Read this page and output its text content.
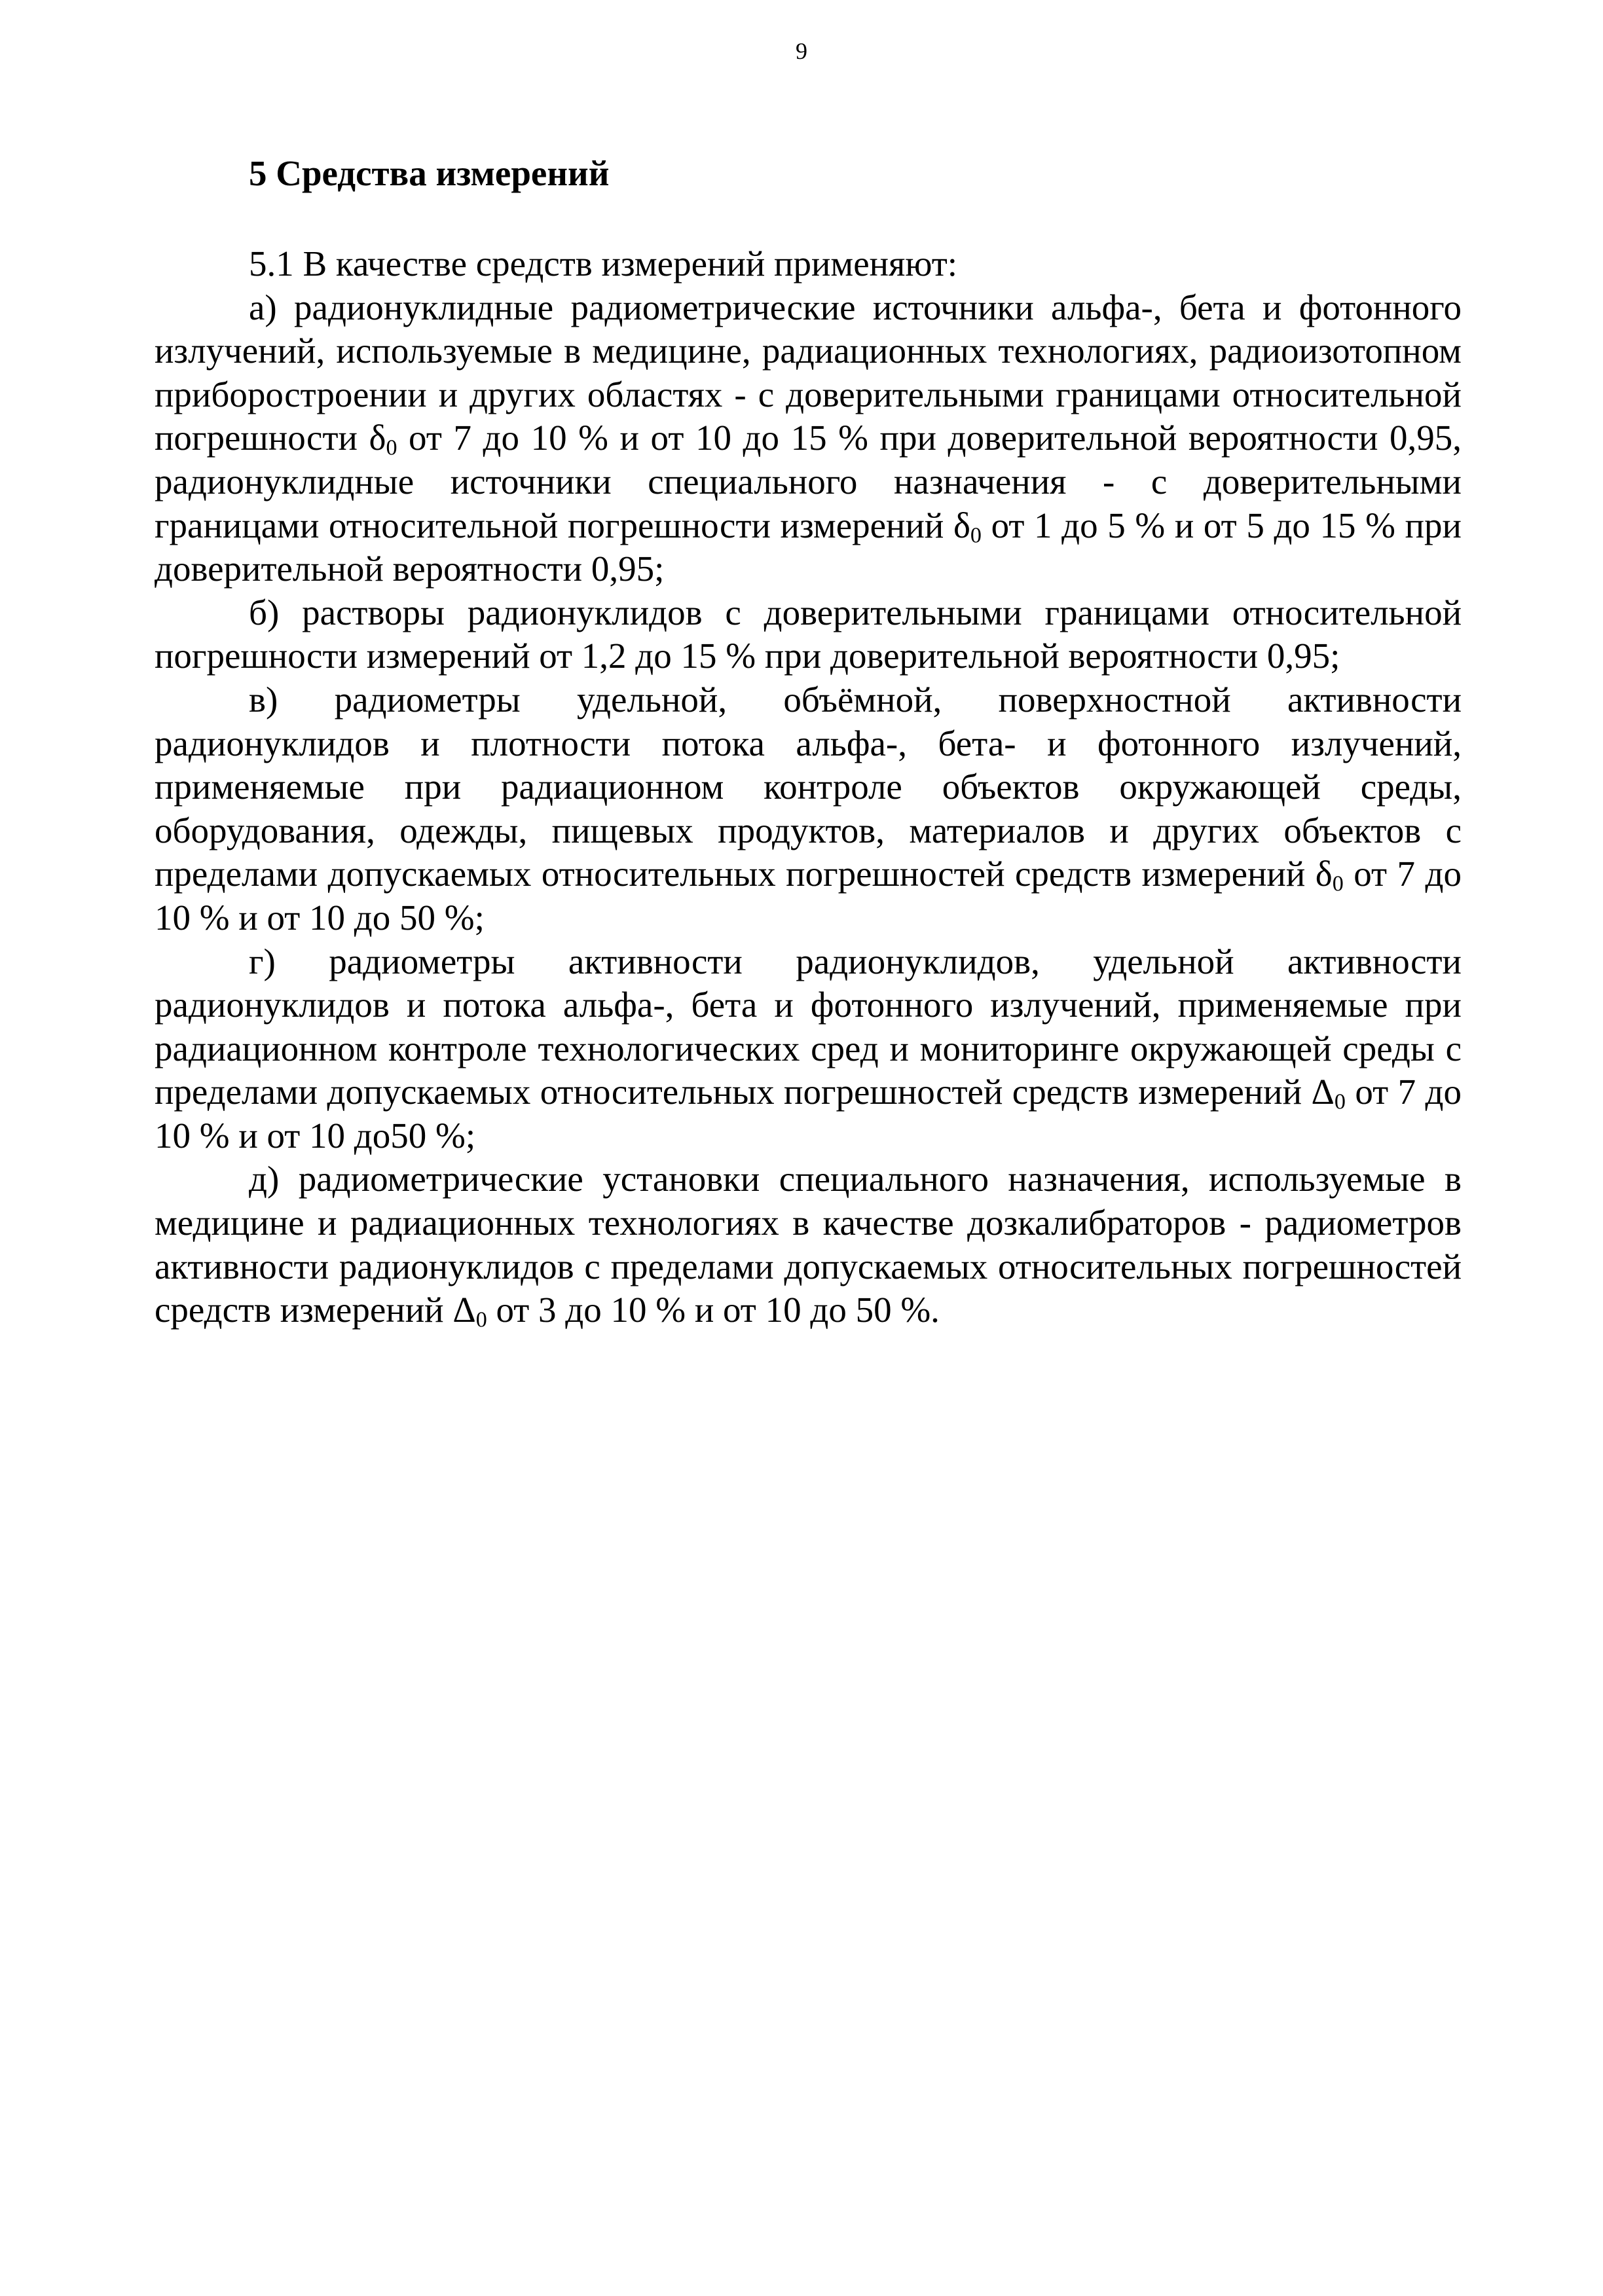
9
5 Средства измерений

5.1 В качестве средств измерений применяют:

а) радионуклидные радиометрические источники альфа-, бета и фотонного излучений, используемые в медицине, радиационных технологиях, радиоизотопном приборостроении и других областях - с доверительными границами относительной погрешности $\delta_0$ от 7 до 10 % и от 10 до 15 % при доверительной вероятности 0,95, радионуклидные источники специального назначения - с доверительными границами относительной погрешности измерений $\delta_0$ от 1 до 5 % и от 5 до 15 % при доверительной вероятности 0,95;

б) растворы радионуклидов с доверительными границами относительной погрешности измерений от 1,2 до 15 % при доверительной вероятности 0,95;

в) радиометры удельной, объёмной, поверхностной активности радионуклидов и плотности потока альфа-, бета- и фотонного излучений, применяемые при радиационном контроле объектов окружающей среды, оборудования, одежды, пищевых продуктов, материалов и других объектов с пределами допускаемых относительных погрешностей средств измерений $\delta_0$ от 7 до 10 % и от 10 до 50 %;

г) радиометры активности радионуклидов, удельной активности радионуклидов и потока альфа-, бета и фотонного излучений, применяемые при радиационном контроле технологических сред и мониторинге окружающей среды с пределами допускаемых относительных погрешностей средств измерений $\Delta_0$ от 7 до 10 % и от 10 до50 %;

д) радиометрические установки специального назначения, используемые в медицине и радиационных технологиях в качестве дозкалибраторов - радиометров активности радионуклидов с пределами допускаемых относительных погрешностей средств измерений $\Delta_0$ от 3 до 10 % и от 10 до 50 %.
